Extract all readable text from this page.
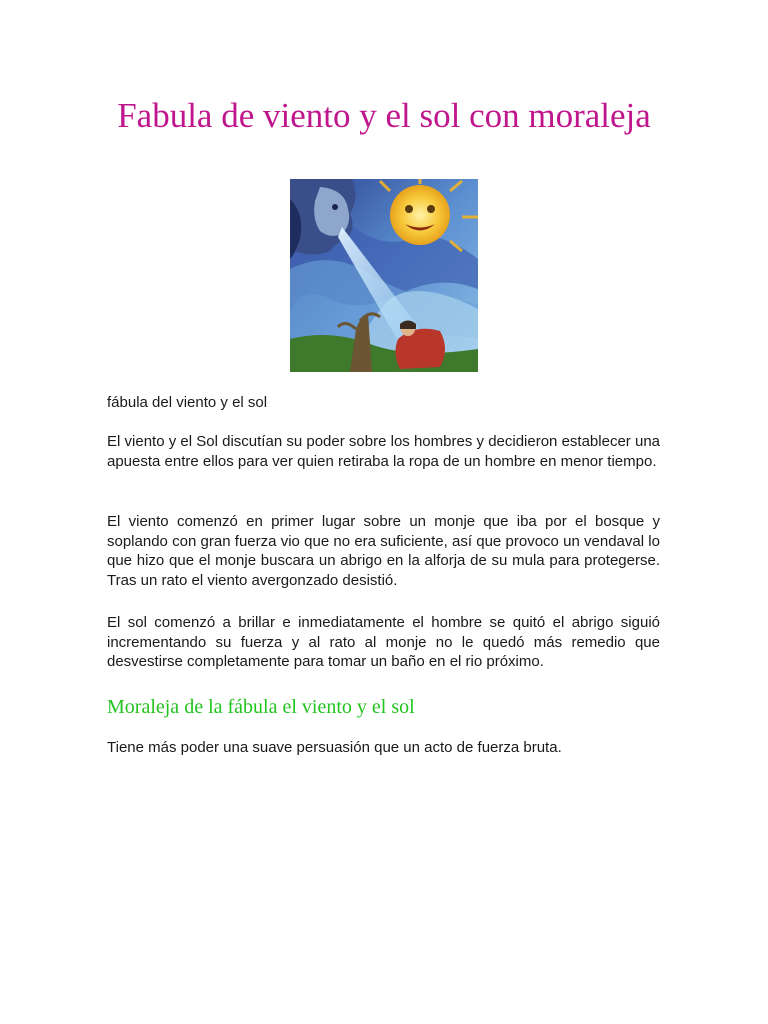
Fabula de viento y el sol con moraleja

fábula del viento y el sol

El viento y el Sol discutían su poder sobre los hombres y decidieron establecer una apuesta entre ellos para ver quien retiraba la ropa de un hombre en menor tiempo.

El viento comenzó en primer lugar sobre un monje que iba por el bosque y soplando con gran fuerza vio que no era suficiente, así que provoco un vendaval lo que hizo que el monje buscara un abrigo en la alforja de su mula para protegerse. Tras un rato el viento avergonzado desistió.

El sol comenzó a brillar e inmediatamente el hombre se quitó el abrigo siguió incrementando su fuerza y al rato al monje no le quedó más remedio que desvestirse completamente para tomar un baño en el rio próximo.

Moraleja de la fábula el viento y el sol

Tiene más poder una suave persuasión que un acto de fuerza bruta.
